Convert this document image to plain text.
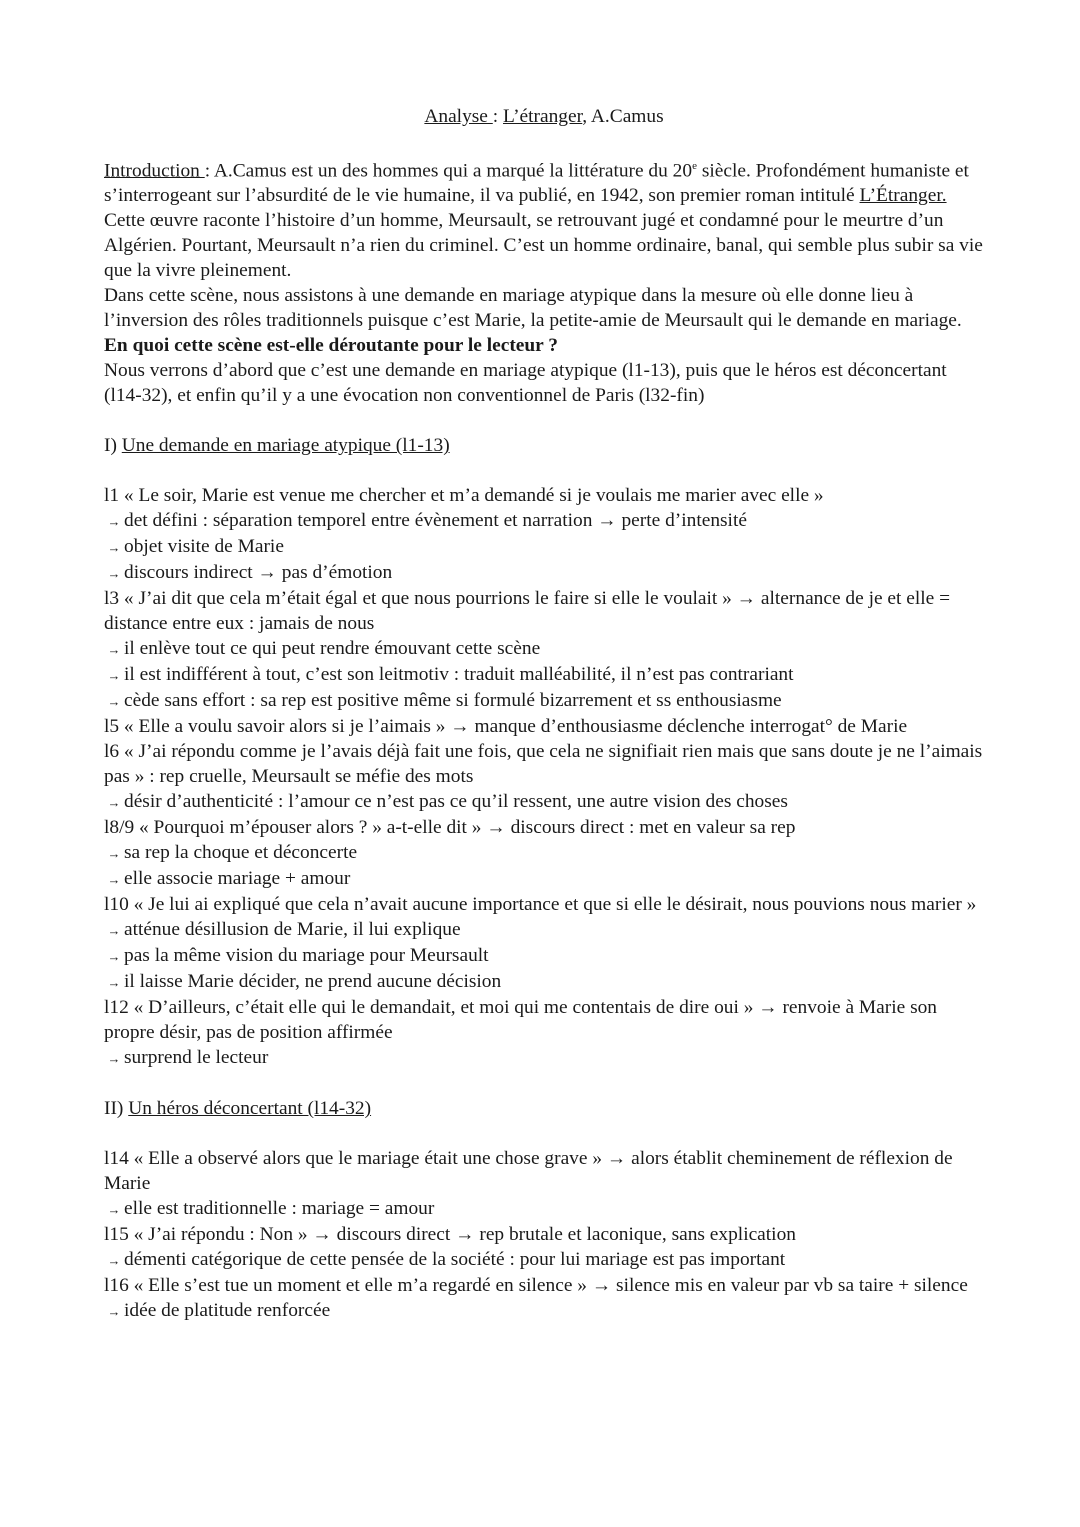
Analyse : L’étranger, A.Camus

Introduction : A.Camus est un des hommes qui a marqué la littérature du 20e siècle. Profondément humaniste et s’interrogeant sur l’absurdité de le vie humaine, il va publié, en 1942, son premier roman intitulé L’Étranger. Cette œuvre raconte l’histoire d’un homme, Meursault, se retrouvant jugé et condamné pour le meurtre d’un Algérien. Pourtant, Meursault n’a rien du criminel. C’est un homme ordinaire, banal, qui semble plus subir sa vie que la vivre pleinement.

Dans cette scène, nous assistons à une demande en mariage atypique dans la mesure où elle donne lieu à l’inversion des rôles traditionnels puisque c’est Marie, la petite-amie de Meursault qui le demande en mariage.

En quoi cette scène est-elle déroutante pour le lecteur ?

Nous verrons d’abord que c’est une demande en mariage atypique (l1-13), puis que le héros est déconcertant (l14-32), et enfin qu’il y a une évocation non conventionnel de Paris (l32-fin)

I) Une demande en mariage atypique (l1-13)

l1 « Le soir, Marie est venue me chercher et m’a demandé si je voulais me marier avec elle »

→ det défini : séparation temporel entre évènement et narration → perte d’intensité

→ objet visite de Marie

→ discours indirect → pas d’émotion

l3 « J’ai dit que cela m’était égal et que nous pourrions le faire si elle le voulait » → alternance de je et elle = distance entre eux : jamais de nous

→ il enlève tout ce qui peut rendre émouvant cette scène

→ il est indifférent à tout, c’est son leitmotiv : traduit malléabilité, il n’est pas contrariant

→ cède sans effort : sa rep est positive même si formulé bizarrement et ss enthousiasme

l5 « Elle a voulu savoir alors si je l’aimais » → manque d’enthousiasme déclenche interrogat° de Marie

l6 « J’ai répondu comme je l’avais déjà fait une fois, que cela ne signifiait rien mais que sans doute je ne l’aimais pas » : rep cruelle, Meursault se méfie des mots

→ désir d’authenticité : l’amour ce n’est pas ce qu’il ressent, une autre vision des choses

l8/9 « Pourquoi m’épouser alors ? » a-t-elle dit » → discours direct : met en valeur sa rep

→ sa rep la choque et déconcerte

→ elle associe mariage + amour

l10 « Je lui ai expliqué que cela n’avait aucune importance et que si elle le désirait, nous pouvions nous marier »

→ atténue désillusion de Marie, il lui explique

→ pas la même vision du mariage pour Meursault

→ il laisse Marie décider, ne prend aucune décision

l12 « D’ailleurs, c’était elle qui le demandait, et moi qui me contentais de dire oui » → renvoie à Marie son propre désir, pas de position affirmée

→ surprend le lecteur

II) Un héros déconcertant (l14-32)

l14 « Elle a observé alors que le mariage était une chose grave » → alors établit cheminement de réflexion de Marie

→ elle est traditionnelle : mariage = amour

l15 « J’ai répondu : Non » → discours direct → rep brutale et laconique, sans explication

→ démenti catégorique de cette pensée de la société : pour lui mariage est pas important

l16 « Elle s’est tue un moment et elle m’a regardé en silence » → silence mis en valeur par vb sa taire + silence

→ idée de platitude renforcée
